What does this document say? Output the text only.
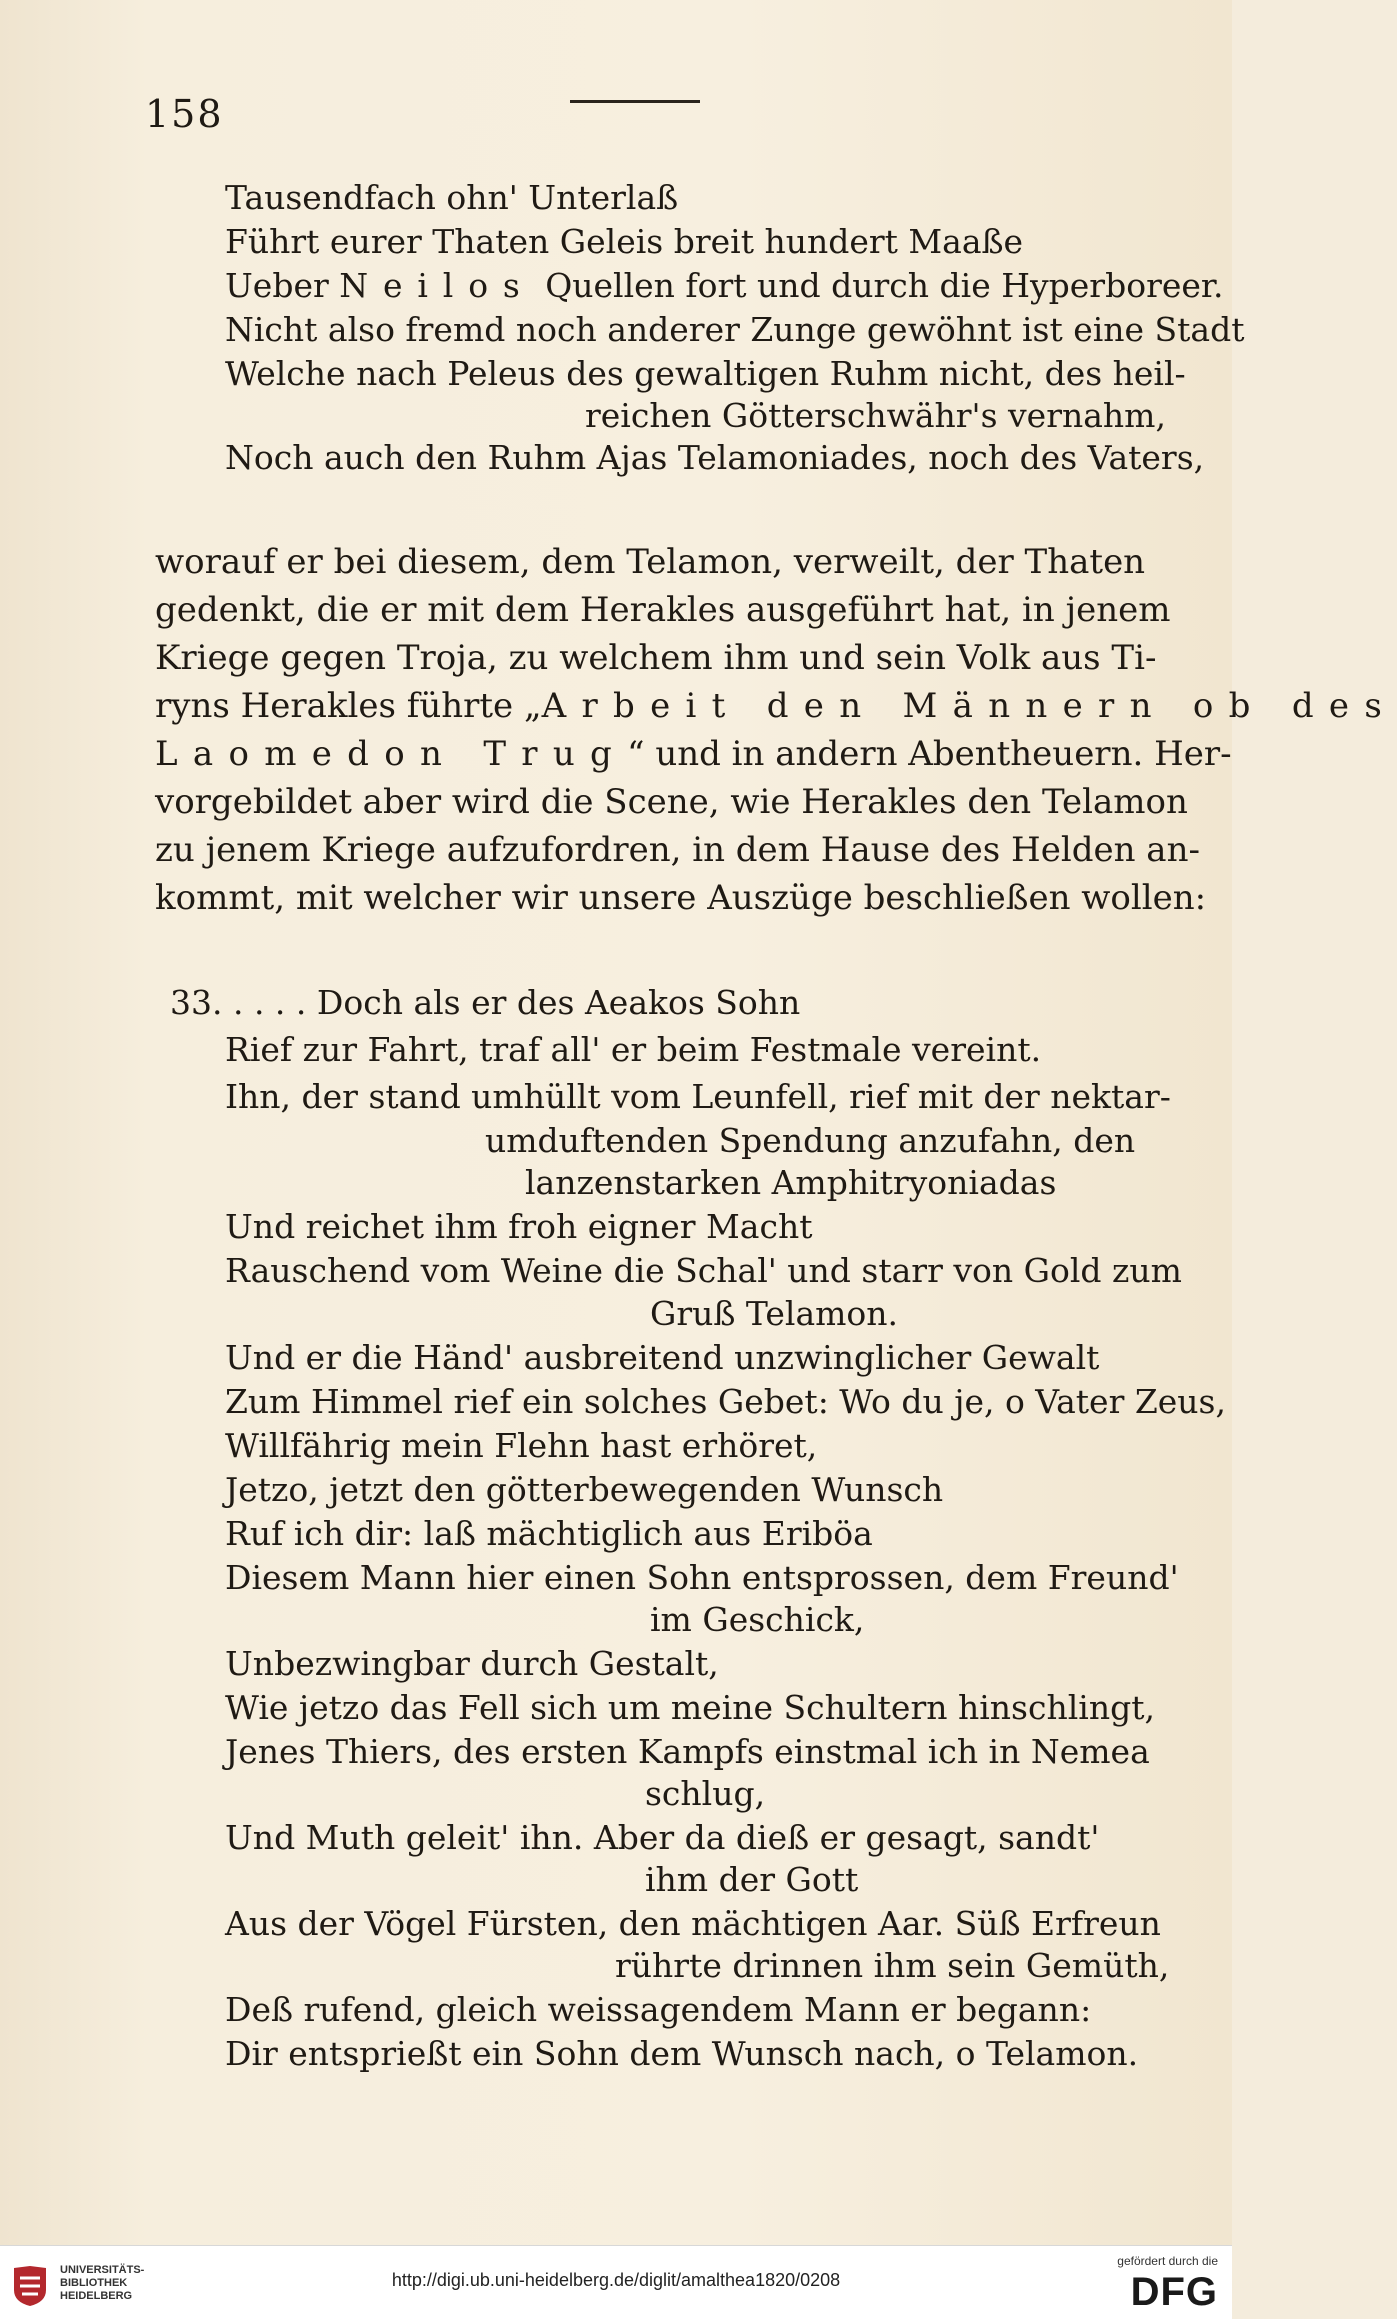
158
Tausendfach ohn' Unterlaß
Führt eurer Thaten Geleis breit hundert Maaße
Ueber Neilos Quellen fort und durch die Hyperboreer.
Nicht also fremd noch anderer Zunge gewöhnt ist eine Stadt
Welche nach Peleus des gewaltigen Ruhm nicht, des heil-
reichen Götterschwähr's vernahm,
Noch auch den Ruhm Ajas Telamoniades, noch des Vaters,
worauf er bei diesem, dem Telamon, verweilt, der Thaten
gedenkt, die er mit dem Herakles ausgeführt hat, in jenem
Kriege gegen Troja, zu welchem ihm und sein Volk aus Ti-
ryns Herakles führte „Arbeit den Männern ob des
Laomedon Trug“ und in andern Abentheuern. Her-
vorgebildet aber wird die Scene, wie Herakles den Telamon
zu jenem Kriege aufzufordren, in dem Hause des Helden an-
kommt, mit welcher wir unsere Auszüge beschließen wollen:
33. . . . . Doch als er des Aeakos Sohn
Rief zur Fahrt, traf all' er beim Festmale vereint.
Ihn, der stand umhüllt vom Leunfell, rief mit der nektar-
umduftenden Spendung anzufahn, den
lanzenstarken Amphitryoniadas
Und reichet ihm froh eigner Macht
Rauschend vom Weine die Schal' und starr von Gold zum
Gruß Telamon.
Und er die Händ' ausbreitend unzwinglicher Gewalt
Zum Himmel rief ein solches Gebet: Wo du je, o Vater Zeus,
Willfährig mein Flehn hast erhöret,
Jetzo, jetzt den götterbewegenden Wunsch
Ruf ich dir: laß mächtiglich aus Eriböa
Diesem Mann hier einen Sohn entsprossen, dem Freund'
im Geschick,
Unbezwingbar durch Gestalt,
Wie jetzo das Fell sich um meine Schultern hinschlingt,
Jenes Thiers, des ersten Kampfs einstmal ich in Nemea
schlug,
Und Muth geleit' ihn. Aber da dieß er gesagt, sandt'
ihm der Gott
Aus der Vögel Fürsten, den mächtigen Aar. Süß Erfreun
rührte drinnen ihm sein Gemüth,
Deß rufend, gleich weissagendem Mann er begann:
Dir entsprießt ein Sohn dem Wunsch nach, o Telamon.
UNIVERSITÄTS-
BIBLIOTHEK
HEIDELBERG
http://digi.ub.uni-heidelberg.de/diglit/amalthea1820/0208
gefördert durch die
DFG
